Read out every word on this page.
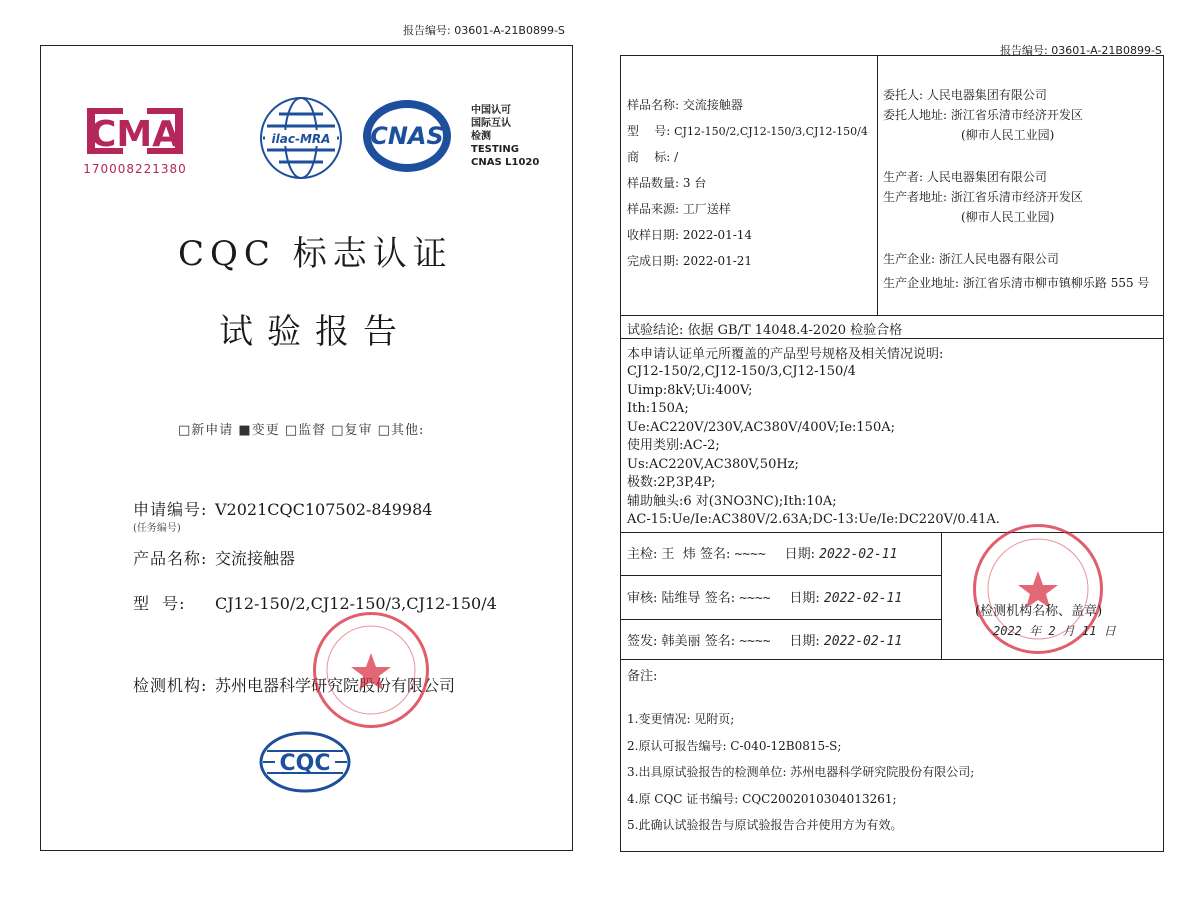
报告编号: 03601-A-21B0899-S
CMA
170008221380
ilac-MRA CNAS
中国认可
国际互认
检测
TESTING
CNAS L1020
CQC 标志认证
试验报告
□新申请 ■变更 □监督 □复审 □其他:
申请编号: V2021CQC107502-849984
(任务编号)
产品名称: 交流接触器
型  号: CJ12-150/2,CJ12-150/3,CJ12-150/4
检测机构: 苏州电器科学研究院股份有限公司
CQC
报告编号: 03601-A-21B0899-S
样品名称: 交流接触器
型    号: CJ12-150/2,CJ12-150/3,CJ12-150/4
商    标: /
样品数量: 3 台
样品来源: 工厂送样
收样日期: 2022-01-14
完成日期: 2022-01-21
委托人: 人民电器集团有限公司
委托人地址: 浙江省乐清市经济开发区
(柳市人民工业园)
生产者: 人民电器集团有限公司
生产者地址: 浙江省乐清市经济开发区
(柳市人民工业园)
生产企业: 浙江人民电器有限公司
生产企业地址: 浙江省乐清市柳市镇柳乐路 555 号
试验结论: 依据 GB/T 14048.4-2020 检验合格
本申请认证单元所覆盖的产品型号规格及相关情况说明:
CJ12-150/2,CJ12-150/3,CJ12-150/4
Uimp:8kV;Ui:400V;
Ith:150A;
Ue:AC220V/230V,AC380V/400V;Ie:150A;
使用类别:AC-2;
Us:AC220V,AC380V,50Hz;
极数:2P,3P,4P;
辅助触头:6 对(3NO3NC);Ith:10A;
AC-15:Ue/Ie:AC380V/2.63A;DC-13:Ue/Ie:DC220V/0.41A.
主检: 王  炜 签名: ~~~~ 日期: 2022-02-11
审核: 陆维导 签名: ~~~~ 日期: 2022-02-11
签发: 韩美丽 签名: ~~~~ 日期: 2022-02-11
(检测机构名称、盖章)
2022 年 2 月 11 日
备注:
1.变更情况: 见附页;
2.原认可报告编号: C-040-12B0815-S;
3.出具原试验报告的检测单位: 苏州电器科学研究院股份有限公司;
4.原 CQC 证书编号: CQC2002010304013261;
5.此确认试验报告与原试验报告合并使用方为有效。
